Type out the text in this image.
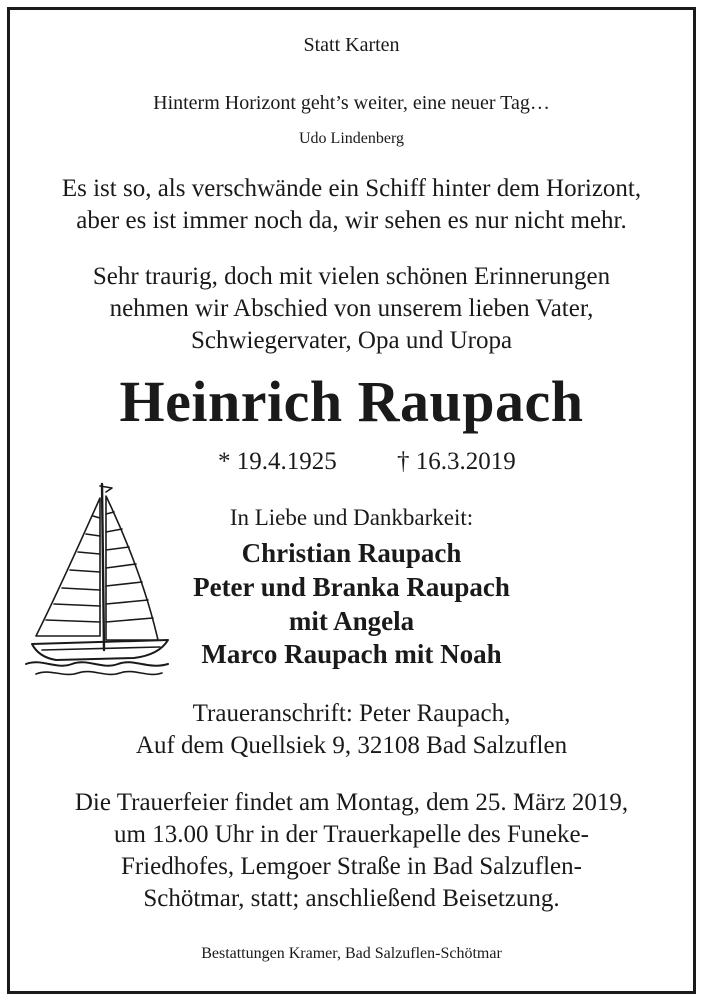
Statt Karten
Hinterm Horizont geht’s weiter, eine neuer Tag…
Udo Lindenberg
Es ist so, als verschwände ein Schiff hinter dem Horizont,
aber es ist immer noch da, wir sehen es nur nicht mehr.
Sehr traurig, doch mit vielen schönen Erinnerungen
nehmen wir Abschied von unserem lieben Vater,
Schwiegervater, Opa und Uropa
Heinrich Raupach
* 19.4.1925 † 16.3.2019
In Liebe und Dankbarkeit:
Christian Raupach
Peter und Branka Raupach
mit Angela
Marco Raupach mit Noah
Traueranschrift: Peter Raupach,
Auf dem Quellsiek 9, 32108 Bad Salzuflen
Die Trauerfeier findet am Montag, dem 25. März 2019,
um 13.00 Uhr in der Trauerkapelle des Funeke-
Friedhofes, Lemgoer Straße in Bad Salzuflen-
Schötmar, statt; anschließend Beisetzung.
Bestattungen Kramer, Bad Salzuflen-Schötmar
